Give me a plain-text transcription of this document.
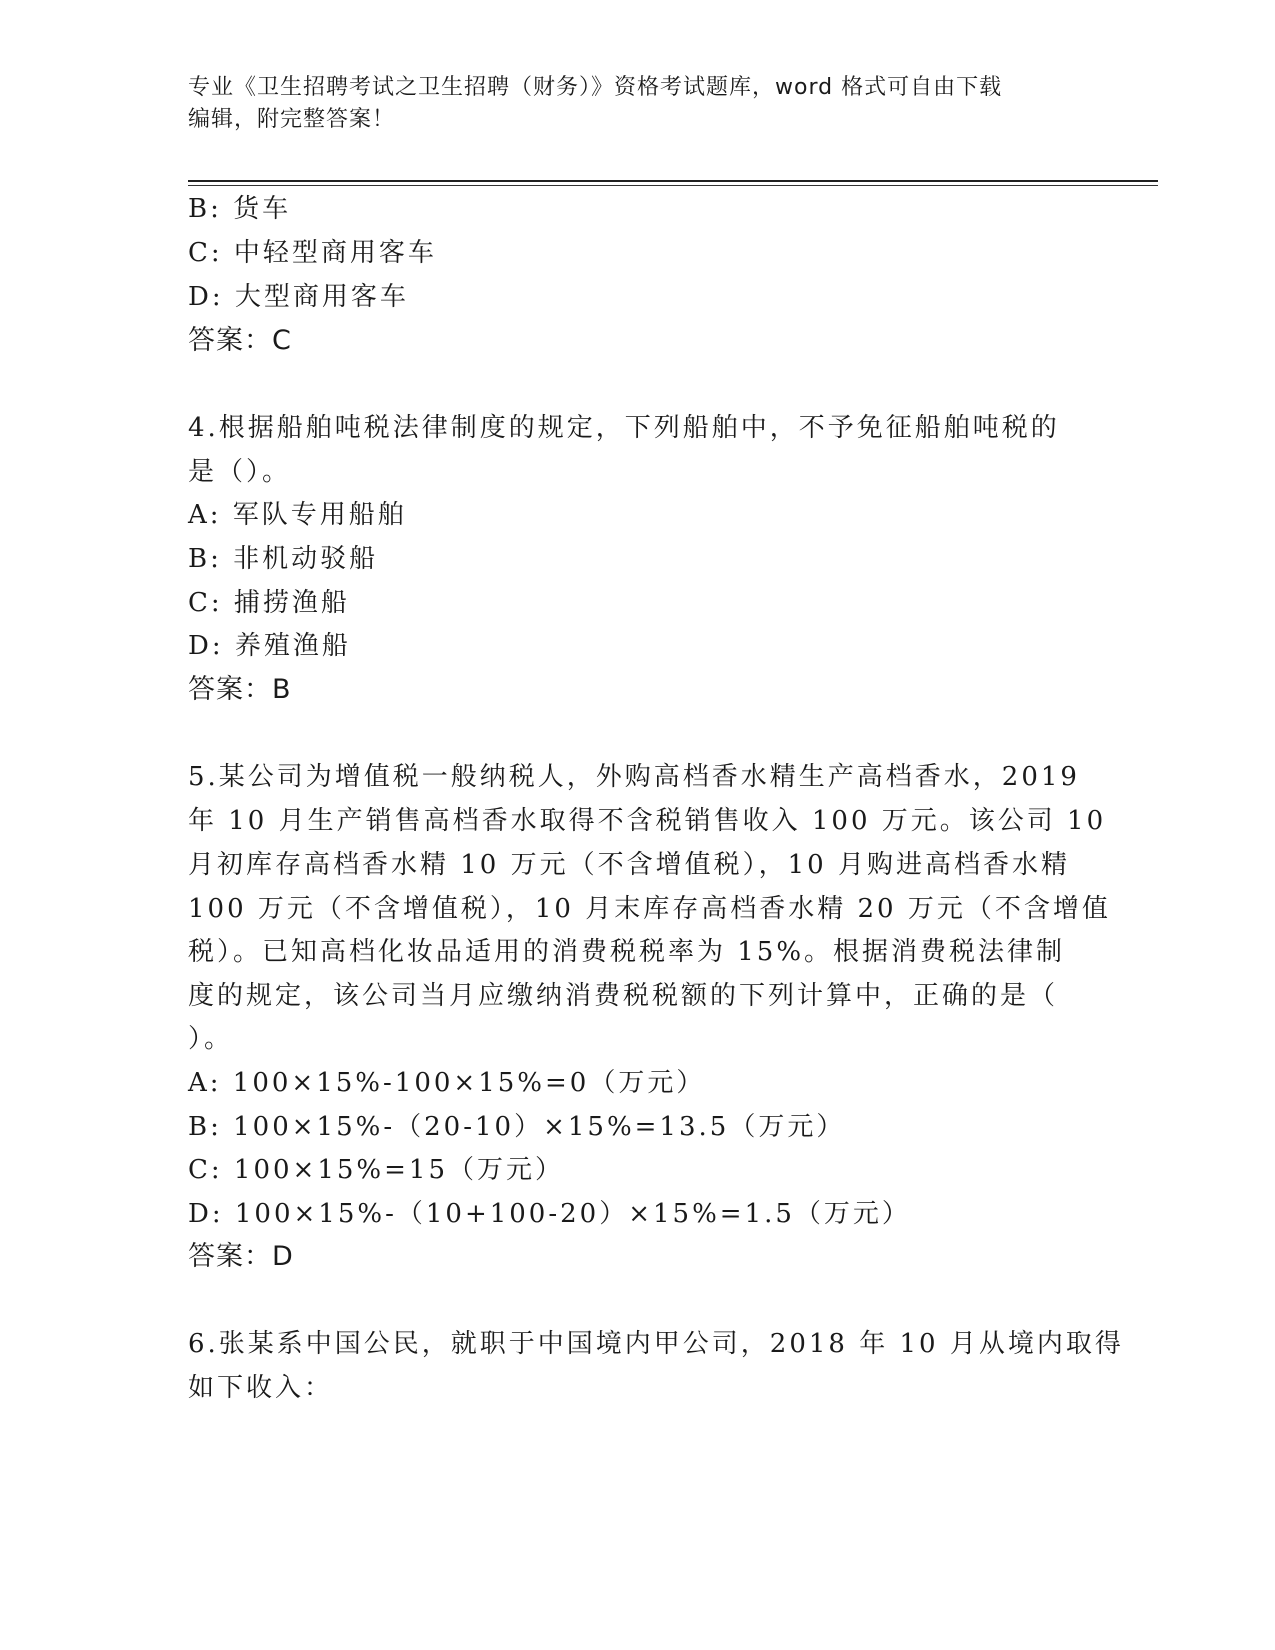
专业《卫生招聘考试之卫生招聘（财务）》资格考试题库，word 格式可自由下载
编辑，附完整答案！
B: 货车
C: 中轻型商用客车
D: 大型商用客车
答案：C
4.根据船舶吨税法律制度的规定，下列船舶中，不予免征船舶吨税的
是（）。
A: 军队专用船舶
B: 非机动驳船
C: 捕捞渔船
D: 养殖渔船
答案：B
5.某公司为增值税一般纳税人，外购高档香水精生产高档香水，2019
年 10 月生产销售高档香水取得不含税销售收入 100 万元。该公司 10
月初库存高档香水精 10 万元（不含增值税），10 月购进高档香水精
100 万元（不含增值税），10 月末库存高档香水精 20 万元（不含增值
税）。已知高档化妆品适用的消费税税率为 15%。根据消费税法律制
度的规定，该公司当月应缴纳消费税税额的下列计算中，正确的是（
）。
A: 100×15%-100×15%=0（万元）
B: 100×15%-（20-10）×15%=13.5（万元）
C: 100×15%=15（万元）
D: 100×15%-（10+100-20）×15%=1.5（万元）
答案：D
6.张某系中国公民，就职于中国境内甲公司，2018 年 10 月从境内取得
如下收入：
